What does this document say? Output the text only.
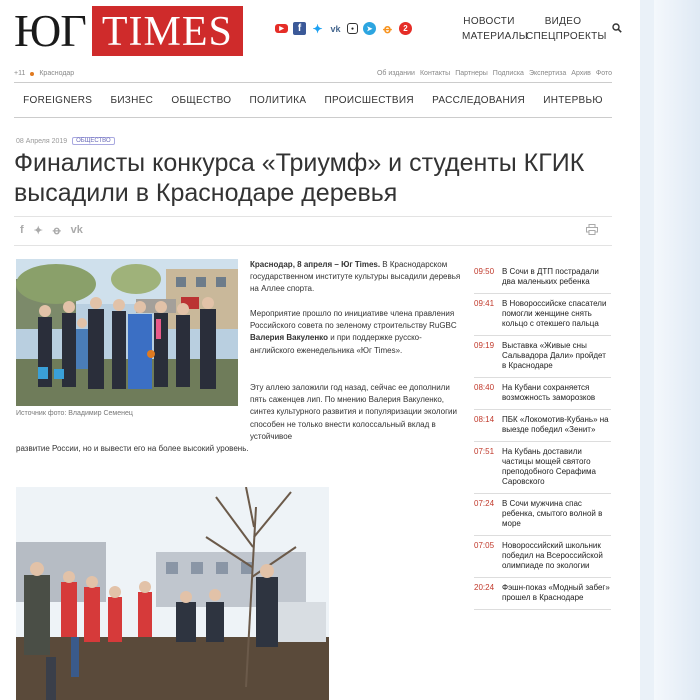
ЮГ TIMES	▶	f ✦ vk	●	➤ ꝋ	2
НОВОСТИ
МАТЕРИАЛЫ
ВИДЕО
СПЕЦПРОЕКТЫ
+11 Краснодар	Об издании Контакты Партнеры Подписка Экспертиза Архив Фото
FOREIGNERS БИЗНЕС ОБЩЕСТВО ПОЛИТИКА ПРОИСШЕСТВИЯ РАССЛЕДОВАНИЯ ИНТЕРВЬЮ
08 Апреля 2019	ОБЩЕСТВО
Финалисты конкурса «Триумф» и студенты КГИК высадили в Краснодаре деревья
f ✦ ꝋ vk
Источник фото: Владимир Семенец
Краснодар, 8 апреля – Юг Times. В Краснодарском государственном институте культуры высадили деревья на Аллее спорта.
Мероприятие прошло по инициативе члена правления Российского совета по зеленому строительству RuGBC Валерия Вакуленко и при поддержке русско-английского еженедельника «Юг Times».
Эту аллею заложили год назад, сейчас ее дополнили пять саженцев лип. По мнению Валерия Вакуленко, синтез культурного развития и популяризации экологии способен не только внести колоссальный вклад в устойчивое
развитие России, но и вывести его на более высокий уровень.
09:50 В Сочи в ДТП пострадали два маленьких ребенка
09:41 В Новороссийске спасатели помогли женщине снять кольцо с отекшего пальца
09:19 Выставка «Живые сны Сальвадора Дали» пройдет в Краснодаре
08:40 На Кубани сохраняется возможность заморозков
08:14 ПБК «Локомотив-Кубань» на выезде победил «Зенит»
07:51 На Кубань доставили частицы мощей святого преподобного Серафима Саровского
07:24 В Сочи мужчина спас ребенка, смытого волной в море
07:05 Новороссийский школьник победил на Всероссийской олимпиаде по экологии
20:24 Фэшн-показ «Модный забег» прошел в Краснодаре
